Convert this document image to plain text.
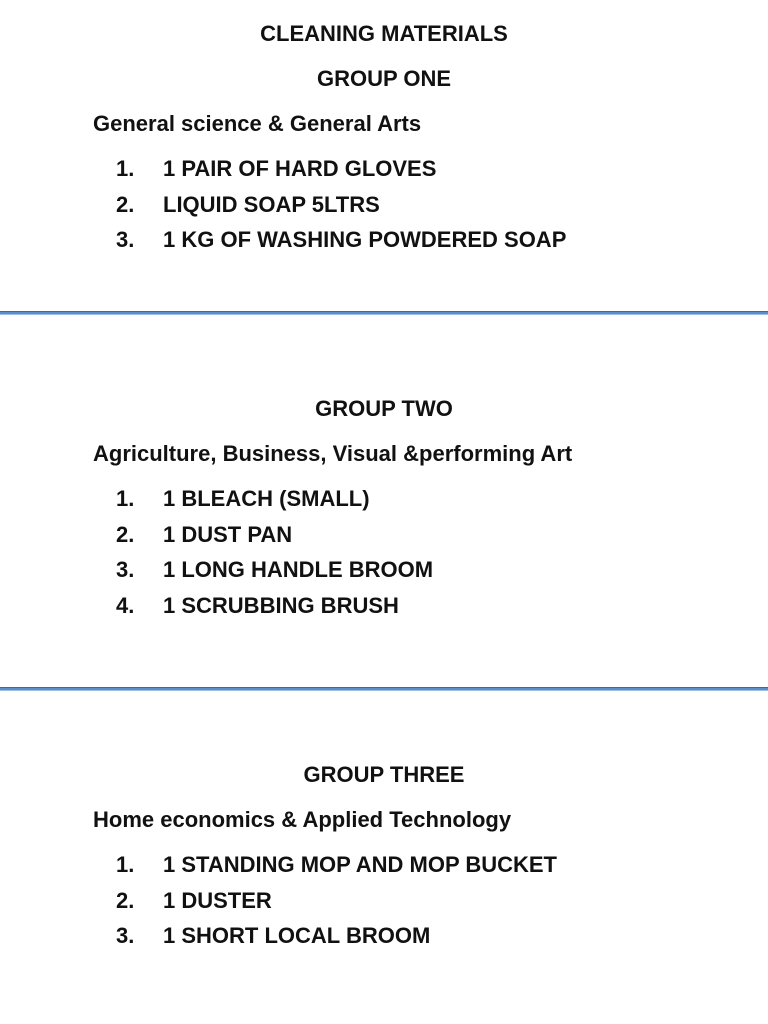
CLEANING MATERIALS
GROUP ONE

General science & General Arts

1.	1 PAIR OF HARD GLOVES
2.	LIQUID SOAP 5LTRS
3.	1 KG OF WASHING POWDERED SOAP
GROUP TWO

Agriculture, Business, Visual &performing Art

1.	1 BLEACH (SMALL)
2.	1 DUST PAN
3.	1 LONG HANDLE BROOM
4.	1 SCRUBBING BRUSH
GROUP THREE

Home economics & Applied Technology

1.	1 STANDING MOP AND MOP BUCKET
2.	1 DUSTER
3.	1 SHORT LOCAL BROOM
